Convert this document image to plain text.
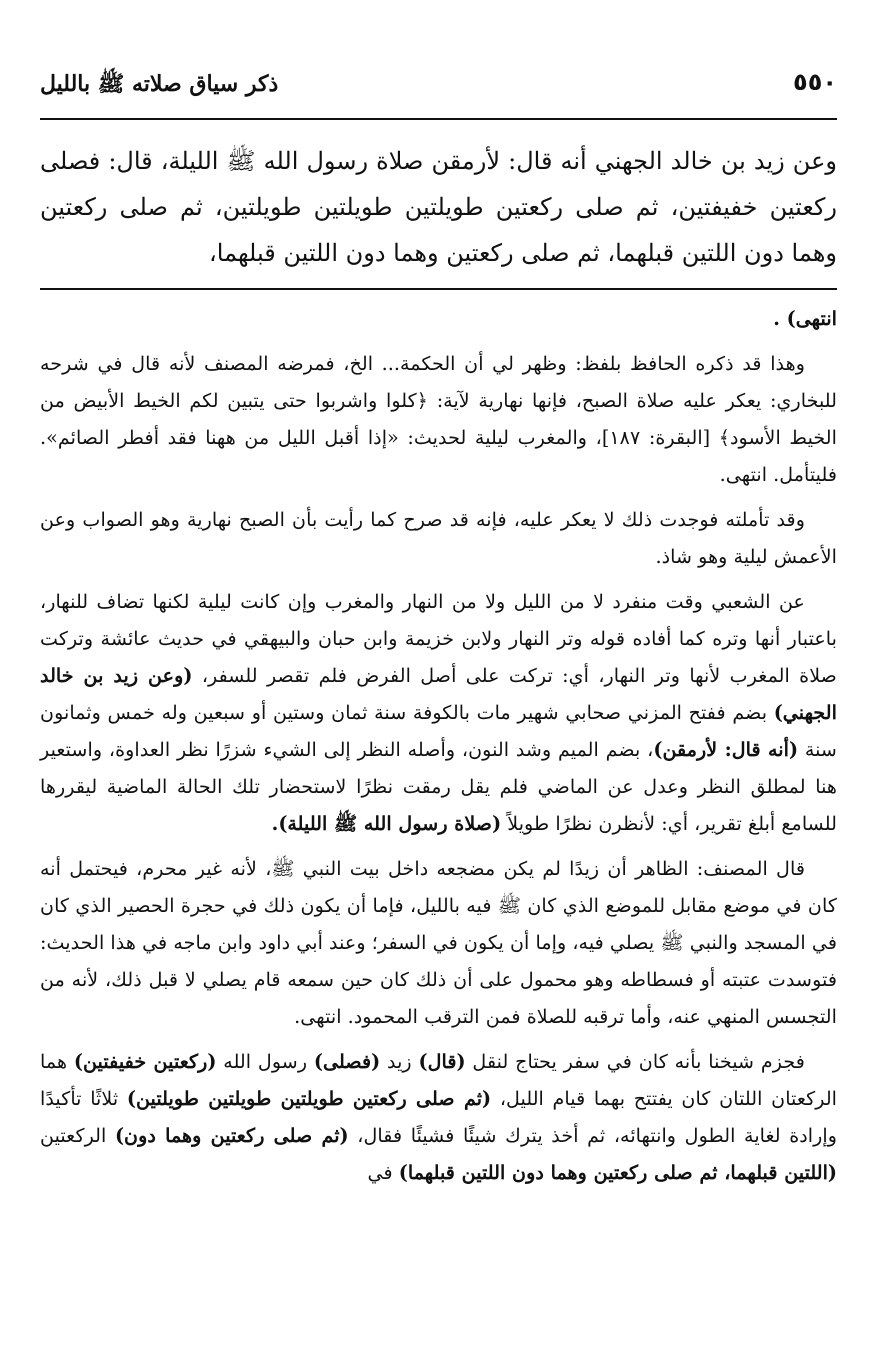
٥٥٠
ذكر سياق صلاته ﷺ بالليل
وعن زيد بن خالد الجهني أنه قال: لأرمقن صلاة رسول الله ﷺ الليلة، قال: فصلى ركعتين خفيفتين، ثم صلى ركعتين طويلتين طويلتين طويلتين، ثم صلى ركعتين وهما دون اللتين قبلهما، ثم صلى ركعتين وهما دون اللتين قبلهما،

انتهى) .

وهذا قد ذكره الحافظ بلفظ: وظهر لي أن الحكمة... الخ، فمرضه المصنف لأنه قال في شرحه للبخاري: يعكر عليه صلاة الصبح، فإنها نهارية لآية: ﴿كلوا واشربوا حتى يتبين لكم الخيط الأبيض من الخيط الأسود﴾ [البقرة: ١٨٧]، والمغرب ليلية لحديث: «إذا أقبل الليل من ههنا فقد أفطر الصائم». فليتأمل. انتهى.

وقد تأملته فوجدت ذلك لا يعكر عليه، فإنه قد صرح كما رأيت بأن الصبح نهارية وهو الصواب وعن الأعمش ليلية وهو شاذ.

عن الشعبي وقت منفرد لا من الليل ولا من النهار والمغرب وإن كانت ليلية لكنها تضاف للنهار، باعتبار أنها وتره كما أفاده قوله وتر النهار ولابن خزيمة وابن حبان والبيهقي في حديث عائشة وتركت صلاة المغرب لأنها وتر النهار، أي: تركت على أصل الفرض فلم تقصر للسفر، (وعن زيد بن خالد الجهني) بضم ففتح المزني صحابي شهير مات بالكوفة سنة ثمان وستين أو سبعين وله خمس وثمانون سنة (أنه قال: لأرمقن)، بضم الميم وشد النون، وأصله النظر إلى الشيء شزرًا نظر العداوة، واستعير هنا لمطلق النظر وعدل عن الماضي فلم يقل رمقت نظرًا لاستحضار تلك الحالة الماضية ليقررها للسامع أبلغ تقرير، أي: لأنظرن نظرًا طويلاً (صلاة رسول الله ﷺ الليلة).

قال المصنف: الظاهر أن زيدًا لم يكن مضجعه داخل بيت النبي ﷺ، لأنه غير محرم، فيحتمل أنه كان في موضع مقابل للموضع الذي كان ﷺ فيه بالليل، فإما أن يكون ذلك في حجرة الحصير الذي كان في المسجد والنبي ﷺ يصلي فيه، وإما أن يكون في السفر؛ وعند أبي داود وابن ماجه في هذا الحديث: فتوسدت عتبته أو فسطاطه وهو محمول على أن ذلك كان حين سمعه قام يصلي لا قبل ذلك، لأنه من التجسس المنهي عنه، وأما ترقبه للصلاة فمن الترقب المحمود. انتهى.

فجزم شيخنا بأنه كان في سفر يحتاج لنقل (قال) زيد (فصلى) رسول الله (ركعتين خفيفتين) هما الركعتان اللتان كان يفتتح بهما قيام الليل، (ثم صلى ركعتين طويلتين طويلتين طويلتين) ثلاثًا تأكيدًا وإرادة لغاية الطول وانتهائه، ثم أخذ يترك شيئًا فشيئًا فقال، (ثم صلى ركعتين وهما دون) الركعتين (اللتين قبلهما، ثم صلى ركعتين وهما دون اللتين قبلهما) في
